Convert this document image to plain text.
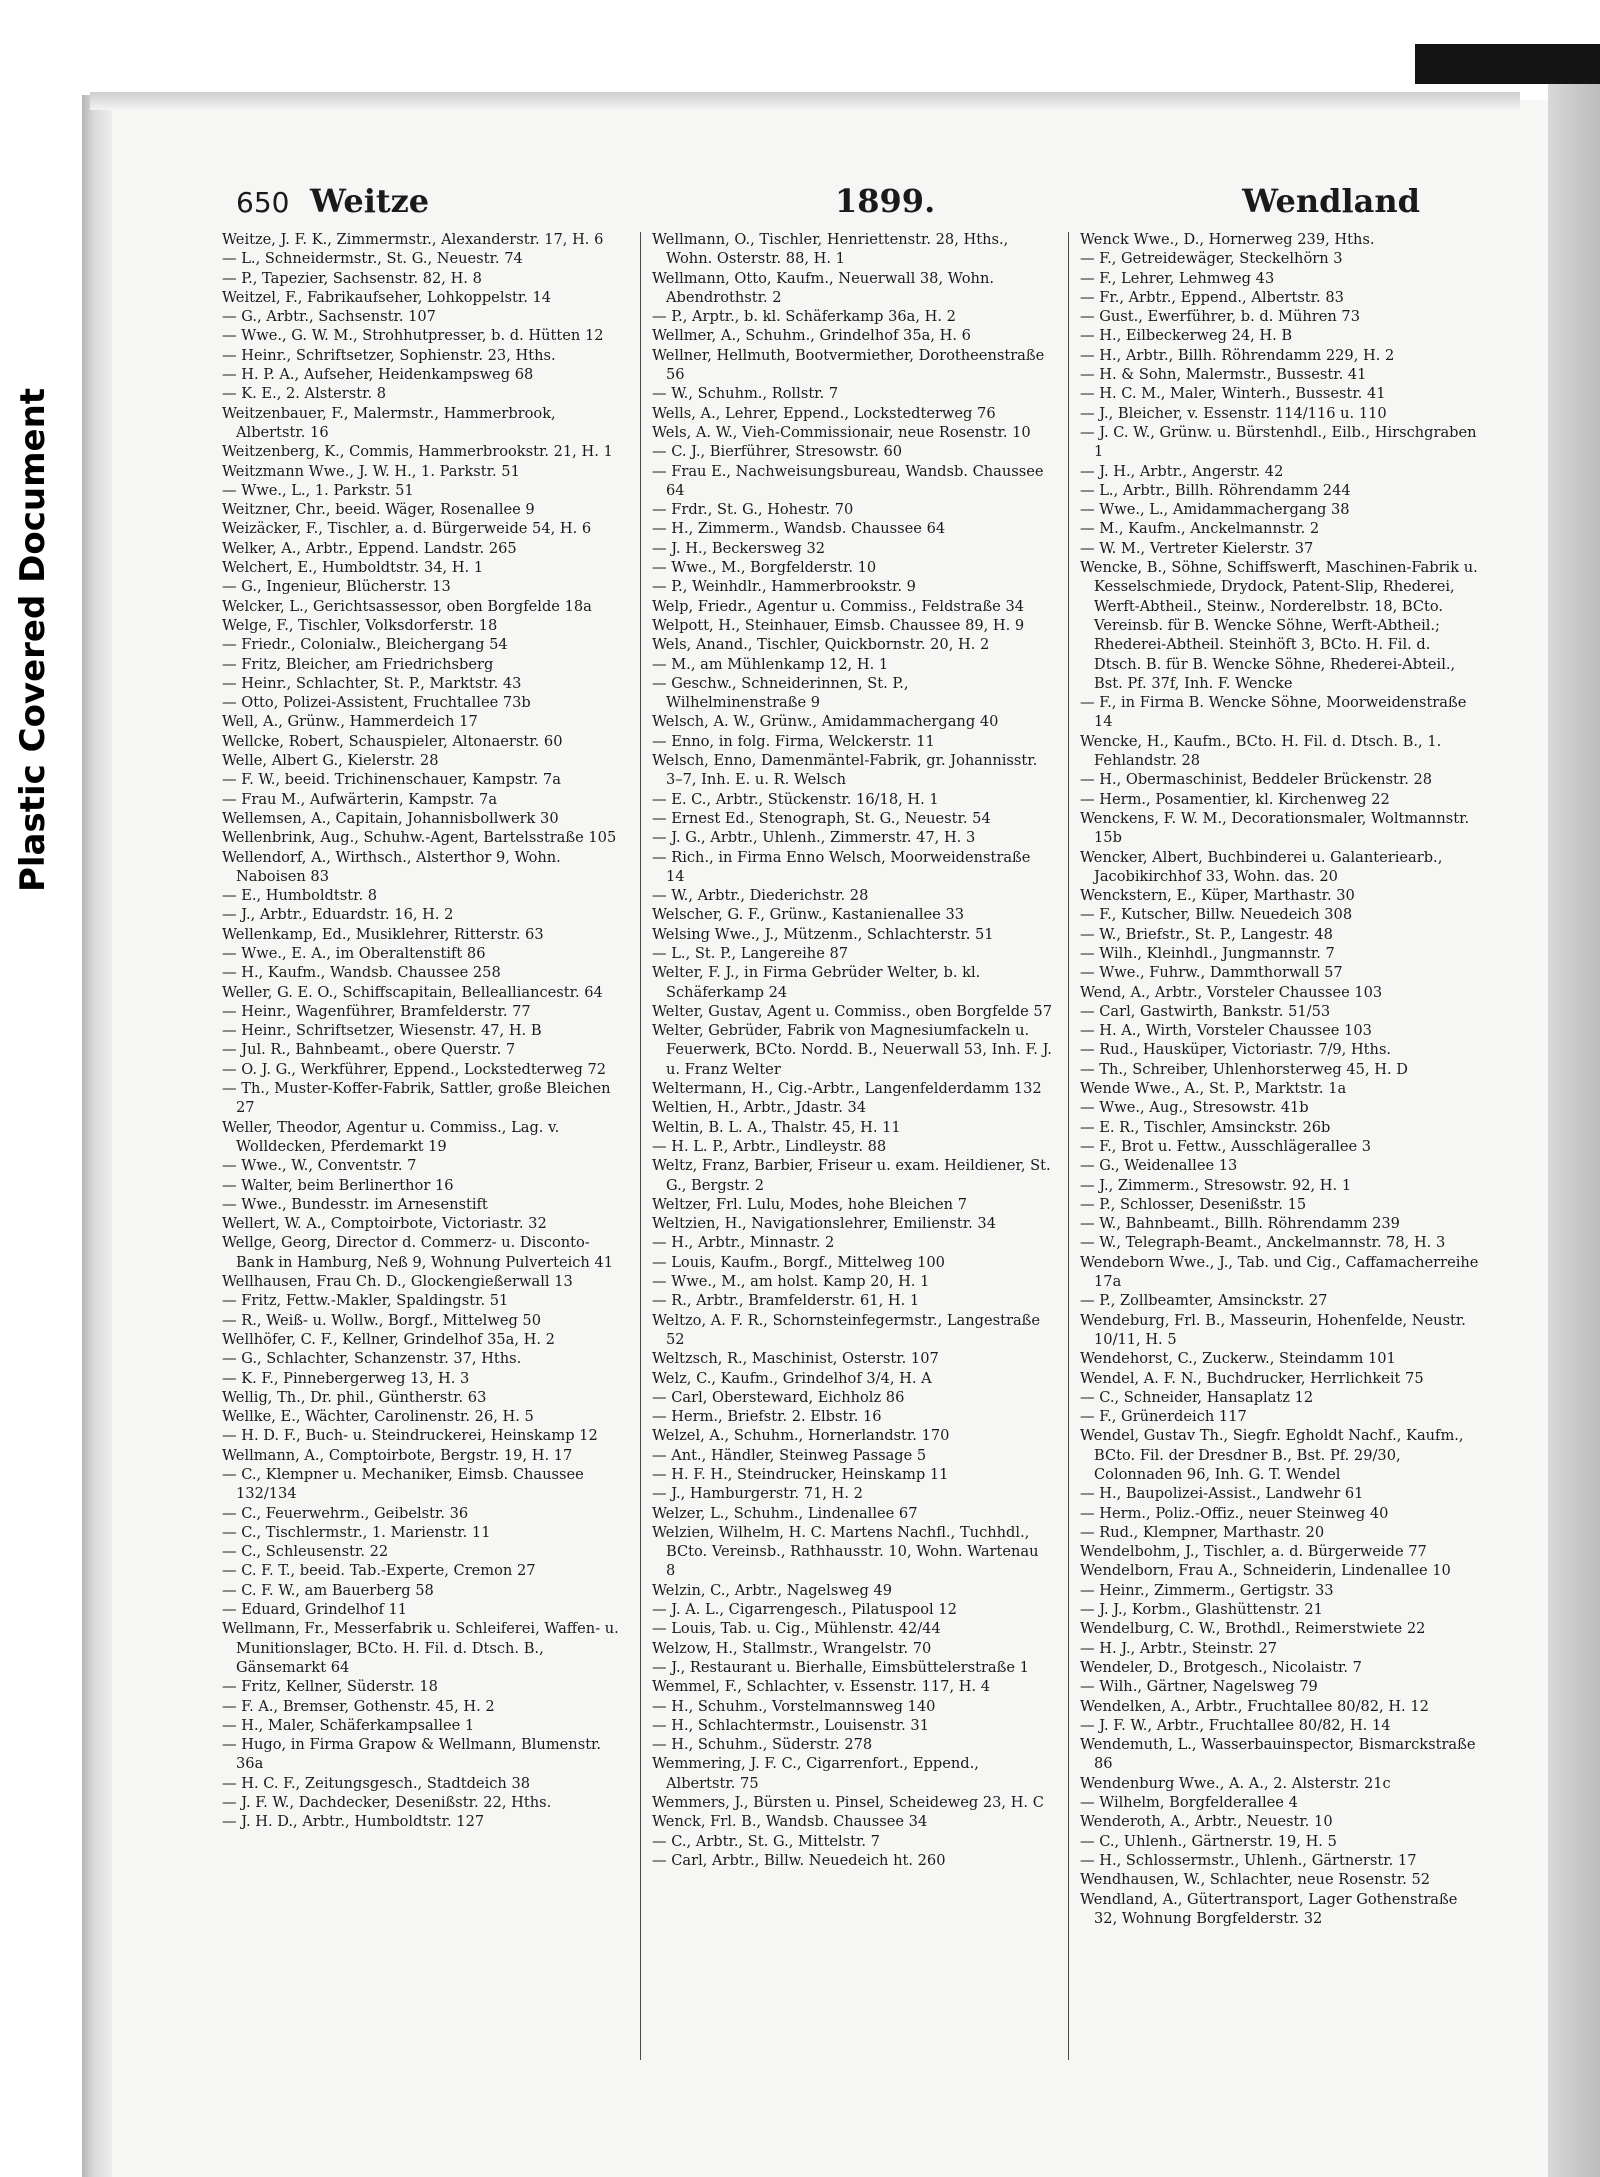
Plastic Covered Document
650 Weitze	1899.	Wendland

Weitze, J. F. K., Zimmermstr., Alexanderstr. 17, H. 6

— L., Schneidermstr., St. G., Neuestr. 74

— P., Tapezier, Sachsenstr. 82, H. 8

Weitzel, F., Fabrikaufseher, Lohkoppelstr. 14

— G., Arbtr., Sachsenstr. 107

— Wwe., G. W. M., Strohhutpresser, b. d. Hütten 12

— Heinr., Schriftsetzer, Sophienstr. 23, Hths.

— H. P. A., Aufseher, Heidenkampsweg 68

— K. E., 2. Alsterstr. 8

Weitzenbauer, F., Malermstr., Hammerbrook, Albertstr. 16

Weitzenberg, K., Commis, Hammerbrookstr. 21, H. 1

Weitzmann Wwe., J. W. H., 1. Parkstr. 51

— Wwe., L., 1. Parkstr. 51

Weitzner, Chr., beeid. Wäger, Rosenallee 9

Weizäcker, F., Tischler, a. d. Bürgerweide 54, H. 6

Welker, A., Arbtr., Eppend. Landstr. 265

Welchert, E., Humboldtstr. 34, H. 1

— G., Ingenieur, Blücherstr. 13

Welcker, L., Gerichtsassessor, oben Borgfelde 18a

Welge, F., Tischler, Volksdorferstr. 18

— Friedr., Colonialw., Bleichergang 54

— Fritz, Bleicher, am Friedrichsberg

— Heinr., Schlachter, St. P., Marktstr. 43

— Otto, Polizei-Assistent, Fruchtallee 73b

Well, A., Grünw., Hammerdeich 17

Wellcke, Robert, Schauspieler, Altonaerstr. 60

Welle, Albert G., Kielerstr. 28

— F. W., beeid. Trichinenschauer, Kampstr. 7a

— Frau M., Aufwärterin, Kampstr. 7a

Wellemsen, A., Capitain, Johannisbollwerk 30

Wellenbrink, Aug., Schuhw.-Agent, Bartelsstraße 105

Wellendorf, A., Wirthsch., Alsterthor 9, Wohn. Naboisen 83

— E., Humboldtstr. 8

— J., Arbtr., Eduardstr. 16, H. 2

Wellenkamp, Ed., Musiklehrer, Ritterstr. 63

— Wwe., E. A., im Oberaltenstift 86

— H., Kaufm., Wandsb. Chaussee 258

Weller, G. E. O., Schiffscapitain, Bellealliancestr. 64

— Heinr., Wagenführer, Bramfelderstr. 77

— Heinr., Schriftsetzer, Wiesenstr. 47, H. B

— Jul. R., Bahnbeamt., obere Querstr. 7

— O. J. G., Werkführer, Eppend., Lockstedterweg 72

— Th., Muster-Koffer-Fabrik, Sattler, große Bleichen 27

Weller, Theodor, Agentur u. Commiss., Lag. v. Wolldecken, Pferdemarkt 19

— Wwe., W., Conventstr. 7

— Walter, beim Berlinerthor 16

— Wwe., Bundesstr. im Arnesenstift

Wellert, W. A., Comptoirbote, Victoriastr. 32

Wellge, Georg, Director d. Commerz- u. Disconto-Bank in Hamburg, Neß 9, Wohnung Pulverteich 41

Wellhausen, Frau Ch. D., Glockengießerwall 13

— Fritz, Fettw.-Makler, Spaldingstr. 51

— R., Weiß- u. Wollw., Borgf., Mittelweg 50

Wellhöfer, C. F., Kellner, Grindelhof 35a, H. 2

— G., Schlachter, Schanzenstr. 37, Hths.

— K. F., Pinnebergerweg 13, H. 3

Wellig, Th., Dr. phil., Güntherstr. 63

Wellke, E., Wächter, Carolinenstr. 26, H. 5

— H. D. F., Buch- u. Steindruckerei, Heinskamp 12

Wellmann, A., Comptoirbote, Bergstr. 19, H. 17

— C., Klempner u. Mechaniker, Eimsb. Chaussee 132/134

— C., Feuerwehrm., Geibelstr. 36

— C., Tischlermstr., 1. Marienstr. 11

— C., Schleusenstr. 22

— C. F. T., beeid. Tab.-Experte, Cremon 27

— C. F. W., am Bauerberg 58

— Eduard, Grindelhof 11

Wellmann, Fr., Messerfabrik u. Schleiferei, Waffen- u. Munitionslager, BCto. H. Fil. d. Dtsch. B., Gänsemarkt 64

— Fritz, Kellner, Süderstr. 18

— F. A., Bremser, Gothenstr. 45, H. 2

— H., Maler, Schäferkampsallee 1

— Hugo, in Firma Grapow & Wellmann, Blumenstr. 36a

— H. C. F., Zeitungsgesch., Stadtdeich 38

— J. F. W., Dachdecker, Desenißstr. 22, Hths.

— J. H. D., Arbtr., Humboldtstr. 127

Wellmann, O., Tischler, Henriettenstr. 28, Hths., Wohn. Osterstr. 88, H. 1

Wellmann, Otto, Kaufm., Neuerwall 38, Wohn. Abendrothstr. 2

— P., Arptr., b. kl. Schäferkamp 36a, H. 2

Wellmer, A., Schuhm., Grindelhof 35a, H. 6

Wellner, Hellmuth, Bootvermiether, Dorotheenstraße 56

— W., Schuhm., Rollstr. 7

Wells, A., Lehrer, Eppend., Lockstedterweg 76

Wels, A. W., Vieh-Commissionair, neue Rosenstr. 10

— C. J., Bierführer, Stresowstr. 60

— Frau E., Nachweisungsbureau, Wandsb. Chaussee 64

— Frdr., St. G., Hohestr. 70

— H., Zimmerm., Wandsb. Chaussee 64

— J. H., Beckersweg 32

— Wwe., M., Borgfelderstr. 10

— P., Weinhdlr., Hammerbrookstr. 9

Welp, Friedr., Agentur u. Commiss., Feldstraße 34

Welpott, H., Steinhauer, Eimsb. Chaussee 89, H. 9

Wels, Anand., Tischler, Quickbornstr. 20, H. 2

— M., am Mühlenkamp 12, H. 1

— Geschw., Schneiderinnen, St. P., Wilhelminenstraße 9

Welsch, A. W., Grünw., Amidammachergang 40

— Enno, in folg. Firma, Welckerstr. 11

Welsch, Enno, Damenmäntel-Fabrik, gr. Johannisstr. 3–7, Inh. E. u. R. Welsch

— E. C., Arbtr., Stückenstr. 16/18, H. 1

— Ernest Ed., Stenograph, St. G., Neuestr. 54

— J. G., Arbtr., Uhlenh., Zimmerstr. 47, H. 3

— Rich., in Firma Enno Welsch, Moorweidenstraße 14

— W., Arbtr., Diederichstr. 28

Welscher, G. F., Grünw., Kastanienallee 33

Welsing Wwe., J., Mützenm., Schlachterstr. 51

— L., St. P., Langereihe 87

Welter, F. J., in Firma Gebrüder Welter, b. kl. Schäferkamp 24

Welter, Gustav, Agent u. Commiss., oben Borgfelde 57

Welter, Gebrüder, Fabrik von Magnesiumfackeln u. Feuerwerk, BCto. Nordd. B., Neuerwall 53, Inh. F. J. u. Franz Welter

Weltermann, H., Cig.-Arbtr., Langenfelderdamm 132

Weltien, H., Arbtr., Jdastr. 34

Weltin, B. L. A., Thalstr. 45, H. 11

— H. L. P., Arbtr., Lindleystr. 88

Weltz, Franz, Barbier, Friseur u. exam. Heildiener, St. G., Bergstr. 2

Weltzer, Frl. Lulu, Modes, hohe Bleichen 7

Weltzien, H., Navigationslehrer, Emilienstr. 34

— H., Arbtr., Minnastr. 2

— Louis, Kaufm., Borgf., Mittelweg 100

— Wwe., M., am holst. Kamp 20, H. 1

— R., Arbtr., Bramfelderstr. 61, H. 1

Weltzo, A. F. R., Schornsteinfegermstr., Langestraße 52

Weltzsch, R., Maschinist, Osterstr. 107

Welz, C., Kaufm., Grindelhof 3/4, H. A

— Carl, Obersteward, Eichholz 86

— Herm., Briefstr. 2. Elbstr. 16

Welzel, A., Schuhm., Hornerlandstr. 170

— Ant., Händler, Steinweg Passage 5

— H. F. H., Steindrucker, Heinskamp 11

— J., Hamburgerstr. 71, H. 2

Welzer, L., Schuhm., Lindenallee 67

Welzien, Wilhelm, H. C. Martens Nachfl., Tuchhdl., BCto. Vereinsb., Rathhausstr. 10, Wohn. Wartenau 8

Welzin, C., Arbtr., Nagelsweg 49

— J. A. L., Cigarrengesch., Pilatuspool 12

— Louis, Tab. u. Cig., Mühlenstr. 42/44

Welzow, H., Stallmstr., Wrangelstr. 70

— J., Restaurant u. Bierhalle, Eimsbüttelerstraße 1

Wemmel, F., Schlachter, v. Essenstr. 117, H. 4

— H., Schuhm., Vorstelmannsweg 140

— H., Schlachtermstr., Louisenstr. 31

— H., Schuhm., Süderstr. 278

Wemmering, J. F. C., Cigarrenfort., Eppend., Albertstr. 75

Wemmers, J., Bürsten u. Pinsel, Scheideweg 23, H. C

Wenck, Frl. B., Wandsb. Chaussee 34

— C., Arbtr., St. G., Mittelstr. 7

— Carl, Arbtr., Billw. Neuedeich ht. 260

Wenck Wwe., D., Hornerweg 239, Hths.

— F., Getreidewäger, Steckelhörn 3

— F., Lehrer, Lehmweg 43

— Fr., Arbtr., Eppend., Albertstr. 83

— Gust., Ewerführer, b. d. Mühren 73

— H., Eilbeckerweg 24, H. B

— H., Arbtr., Billh. Röhrendamm 229, H. 2

— H. & Sohn, Malermstr., Bussestr. 41

— H. C. M., Maler, Winterh., Bussestr. 41

— J., Bleicher, v. Essenstr. 114/116 u. 110

— J. C. W., Grünw. u. Bürstenhdl., Eilb., Hirschgraben 1

— J. H., Arbtr., Angerstr. 42

— L., Arbtr., Billh. Röhrendamm 244

— Wwe., L., Amidammachergang 38

— M., Kaufm., Anckelmannstr. 2

— W. M., Vertreter Kielerstr. 37

Wencke, B., Söhne, Schiffswerft, Maschinen-Fabrik u. Kesselschmiede, Drydock, Patent-Slip, Rhederei, Werft-Abtheil., Steinw., Norderelbstr. 18, BCto. Vereinsb. für B. Wencke Söhne, Werft-Abtheil.; Rhederei-Abtheil. Steinhöft 3, BCto. H. Fil. d. Dtsch. B. für B. Wencke Söhne, Rhederei-Abteil., Bst. Pf. 37f, Inh. F. Wencke

— F., in Firma B. Wencke Söhne, Moorweidenstraße 14

Wencke, H., Kaufm., BCto. H. Fil. d. Dtsch. B., 1. Fehlandstr. 28

— H., Obermaschinist, Beddeler Brückenstr. 28

— Herm., Posamentier, kl. Kirchenweg 22

Wenckens, F. W. M., Decorationsmaler, Woltmannstr. 15b

Wencker, Albert, Buchbinderei u. Galanteriearb., Jacobikirchhof 33, Wohn. das. 20

Wenckstern, E., Küper, Marthastr. 30

— F., Kutscher, Billw. Neuedeich 308

— W., Briefstr., St. P., Langestr. 48

— Wilh., Kleinhdl., Jungmannstr. 7

— Wwe., Fuhrw., Dammthorwall 57

Wend, A., Arbtr., Vorsteler Chaussee 103

— Carl, Gastwirth, Bankstr. 51/53

— H. A., Wirth, Vorsteler Chaussee 103

— Rud., Hausküper, Victoriastr. 7/9, Hths.

— Th., Schreiber, Uhlenhorsterweg 45, H. D

Wende Wwe., A., St. P., Marktstr. 1a

— Wwe., Aug., Stresowstr. 41b

— E. R., Tischler, Amsinckstr. 26b

— F., Brot u. Fettw., Ausschlägerallee 3

— G., Weidenallee 13

— J., Zimmerm., Stresowstr. 92, H. 1

— P., Schlosser, Desenißstr. 15

— W., Bahnbeamt., Billh. Röhrendamm 239

— W., Telegraph-Beamt., Anckelmannstr. 78, H. 3

Wendeborn Wwe., J., Tab. und Cig., Caffamacherreihe 17a

— P., Zollbeamter, Amsinckstr. 27

Wendeburg, Frl. B., Masseurin, Hohenfelde, Neustr. 10/11, H. 5

Wendehorst, C., Zuckerw., Steindamm 101

Wendel, A. F. N., Buchdrucker, Herrlichkeit 75

— C., Schneider, Hansaplatz 12

— F., Grünerdeich 117

Wendel, Gustav Th., Siegfr. Egholdt Nachf., Kaufm., BCto. Fil. der Dresdner B., Bst. Pf. 29/30, Colonnaden 96, Inh. G. T. Wendel

— H., Baupolizei-Assist., Landwehr 61

— Herm., Poliz.-Offiz., neuer Steinweg 40

— Rud., Klempner, Marthastr. 20

Wendelbohm, J., Tischler, a. d. Bürgerweide 77

Wendelborn, Frau A., Schneiderin, Lindenallee 10

— Heinr., Zimmerm., Gertigstr. 33

— J. J., Korbm., Glashüttenstr. 21

Wendelburg, C. W., Brothdl., Reimerstwiete 22

— H. J., Arbtr., Steinstr. 27

Wendeler, D., Brotgesch., Nicolaistr. 7

— Wilh., Gärtner, Nagelsweg 79

Wendelken, A., Arbtr., Fruchtallee 80/82, H. 12

— J. F. W., Arbtr., Fruchtallee 80/82, H. 14

Wendemuth, L., Wasserbauinspector, Bismarckstraße 86

Wendenburg Wwe., A. A., 2. Alsterstr. 21c

— Wilhelm, Borgfelderallee 4

Wenderoth, A., Arbtr., Neuestr. 10

— C., Uhlenh., Gärtnerstr. 19, H. 5

— H., Schlossermstr., Uhlenh., Gärtnerstr. 17

Wendhausen, W., Schlachter, neue Rosenstr. 52

Wendland, A., Gütertransport, Lager Gothenstraße 32, Wohnung Borgfelderstr. 32
